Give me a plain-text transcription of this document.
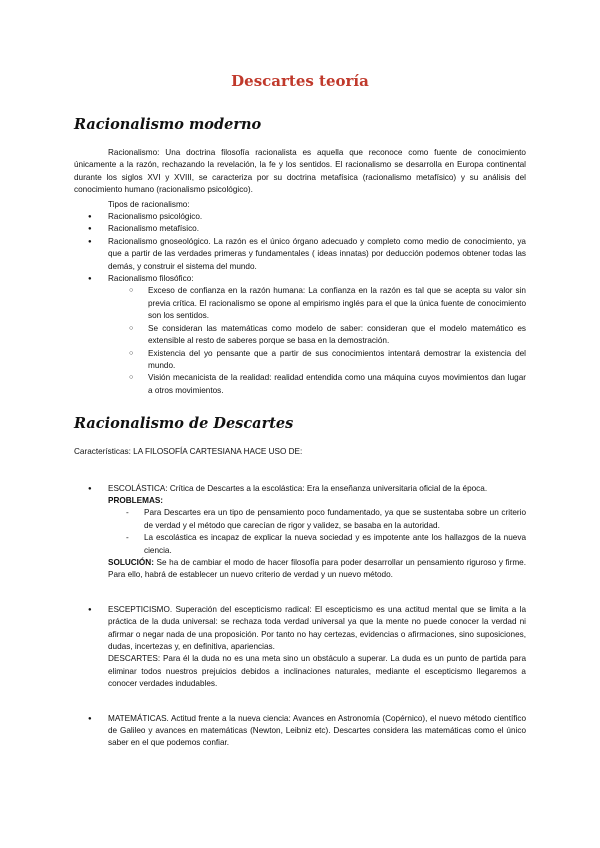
Descartes teoría
Racionalismo moderno

Racionalismo: Una doctrina filosofía racionalista es aquella que reconoce como fuente de conocimiento únicamente a la razón, rechazando la revelación, la fe y los sentidos. El racionalismo se desarrolla en Europa continental durante los siglos XVI y XVIII, se caracteriza por su doctrina metafísica (racionalismo metafísico) y su análisis del conocimiento humano (racionalismo psicológico).

Tipos de racionalismo:

● Racionalismo psicológico.
● Racionalismo metafísico.
● Racionalismo gnoseológico. La razón es el único órgano adecuado y completo como medio de conocimiento, ya que a partir de las verdades primeras y fundamentales ( ideas innatas) por deducción podemos obtener todas las demás, y construir el sistema del mundo.
● Racionalismo filosófico:
○ Exceso de confianza en la razón humana: La confianza en la razón es tal que se acepta su valor sin previa crítica. El racionalismo se opone al empirismo inglés para el que la única fuente de conocimiento son los sentidos.
○ Se consideran las matemáticas como modelo de saber: consideran que el modelo matemático es extensible al resto de saberes porque se basa en la demostración.
○ Existencia del yo pensante que a partir de sus conocimientos intentará demostrar la existencia del mundo.
○ Visión mecanicista de la realidad: realidad entendida como una máquina cuyos movimientos dan lugar a otros movimientos.
Racionalismo de Descartes

Características: LA FILOSOFÍA CARTESIANA HACE USO DE:

● ESCOLÁSTICA: Crítica de Descartes a la escolástica: Era la enseñanza universitaria oficial de la época.

PROBLEMAS:

- Para Descartes era un tipo de pensamiento poco fundamentado, ya que se sustentaba sobre un criterio de verdad y el método que carecían de rigor y validez, se basaba en la autoridad.
- La escolástica es incapaz de explicar la nueva sociedad y es impotente ante los hallazgos de la nueva ciencia.

SOLUCIÓN: Se ha de cambiar el modo de hacer filosofía para poder desarrollar un pensamiento riguroso y firme. Para ello, habrá de establecer un nuevo criterio de verdad y un nuevo método.

● ESCEPTICISMO. Superación del escepticismo radical: El escepticismo es una actitud mental que se limita a la práctica de la duda universal: se rechaza toda verdad universal ya que la mente no puede conocer la verdad ni afirmar o negar nada de una proposición. Por tanto no hay certezas, evidencias o afirmaciones, sino suposiciones, dudas, incertezas y, en definitiva, apariencias.

DESCARTES: Para él la duda no es una meta sino un obstáculo a superar. La duda es un punto de partida para eliminar todos nuestros prejuicios debidos a inclinaciones naturales, mediante el escepticismo llegaremos a conocer verdades indudables.

● MATEMÁTICAS. Actitud frente a la nueva ciencia: Avances en Astronomía (Copérnico), el nuevo método científico de Galileo y avances en matemáticas (Newton, Leibniz etc). Descartes considera las matemáticas como el único saber en el que podemos confiar.
